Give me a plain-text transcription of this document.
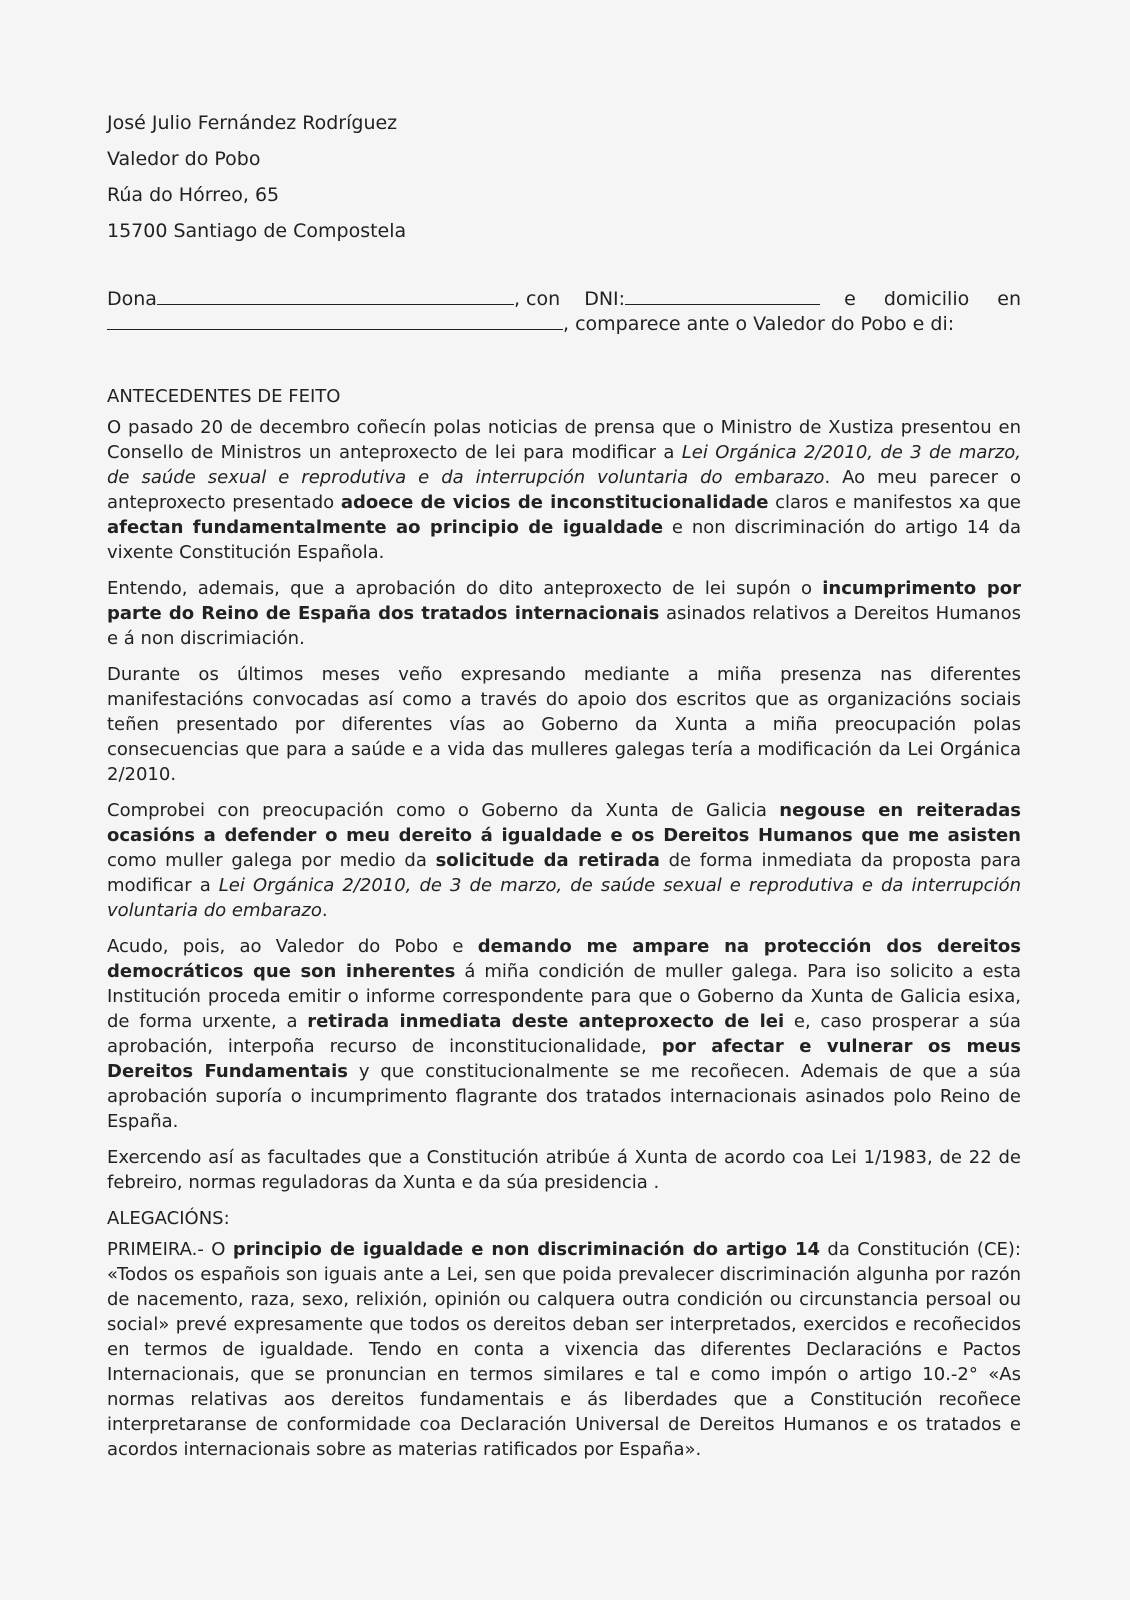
José Julio Fernández Rodríguez
Valedor do Pobo
Rúa do Hórreo, 65
15700 Santiago de Compostela
Dona	, con DNI:	e domicilio en
, comparece ante o Valedor do Pobo e di:

ANTECEDENTES DE FEITO

O pasado 20 de decembro coñecín polas noticias de prensa que o Ministro de Xustiza presentou en Consello de Ministros un anteproxecto de lei para modificar a Lei Orgánica 2/2010, de 3 de marzo, de saúde sexual e reprodutiva e da interrupción voluntaria do embarazo. Ao meu parecer o anteproxecto presentado adoece de vicios de inconstitucionalidade claros e manifestos xa que afectan fundamentalmente ao principio de igualdade e non discriminación do artigo 14 da vixente Constitución Española.

Entendo, ademais, que a aprobación do dito anteproxecto de lei supón o incumprimento por parte do Reino de España dos tratados internacionais asinados relativos a Dereitos Humanos e á non discrimiación.

Durante os últimos meses veño expresando mediante a miña presenza nas diferentes manifestacións convocadas así como a través do apoio dos escritos que as organizacións sociais teñen presentado por diferentes vías ao Goberno da Xunta a miña preocupación polas consecuencias que para a saúde e a vida das mulleres galegas tería a modificación da Lei Orgánica 2/2010.

Comprobei con preocupación como o Goberno da Xunta de Galicia negouse en reiteradas ocasións a defender o meu dereito á igualdade e os Dereitos Humanos que me asisten como muller galega por medio da solicitude da retirada de forma inmediata da proposta para modificar a Lei Orgánica 2/2010, de 3 de marzo, de saúde sexual e reprodutiva e da interrupción voluntaria do embarazo.

Acudo, pois, ao Valedor do Pobo e demando me ampare na protección dos dereitos democráticos que son inherentes á miña condición de muller galega. Para iso solicito a esta Institución proceda emitir o informe correspondente para que o Goberno da Xunta de Galicia esixa, de forma urxente, a retirada inmediata deste anteproxecto de lei e, caso prosperar a súa aprobación, interpoña recurso de inconstitucionalidade, por afectar e vulnerar os meus Dereitos Fundamentais y que constitucionalmente se me recoñecen. Ademais de que a súa aprobación suporía o incumprimento flagrante dos tratados internacionais asinados polo Reino de España.

Exercendo así as facultades que a Constitución atribúe á Xunta de acordo coa Lei 1/1983, de 22 de febreiro, normas reguladoras da Xunta e da súa presidencia .

ALEGACIÓNS:

PRIMEIRA.- O principio de igualdade e non discriminación do artigo 14 da Constitución (CE): «Todos os españois son iguais ante a Lei, sen que poida prevalecer discriminación algunha por razón de nacemento, raza, sexo, relixión, opinión ou calquera outra condición ou circunstancia persoal ou social» prevé expresamente que todos os dereitos deban ser interpretados, exercidos e recoñecidos en termos de igualdade. Tendo en conta a vixencia das diferentes Declaracións e Pactos Internacionais, que se pronuncian en termos similares e tal e como impón o artigo 10.-2° «As normas relativas aos dereitos fundamentais e ás liberdades que a Constitución recoñece interpretaranse de conformidade coa Declaración Universal de Dereitos Humanos e os tratados e acordos internacionais sobre as materias ratificados por España».
